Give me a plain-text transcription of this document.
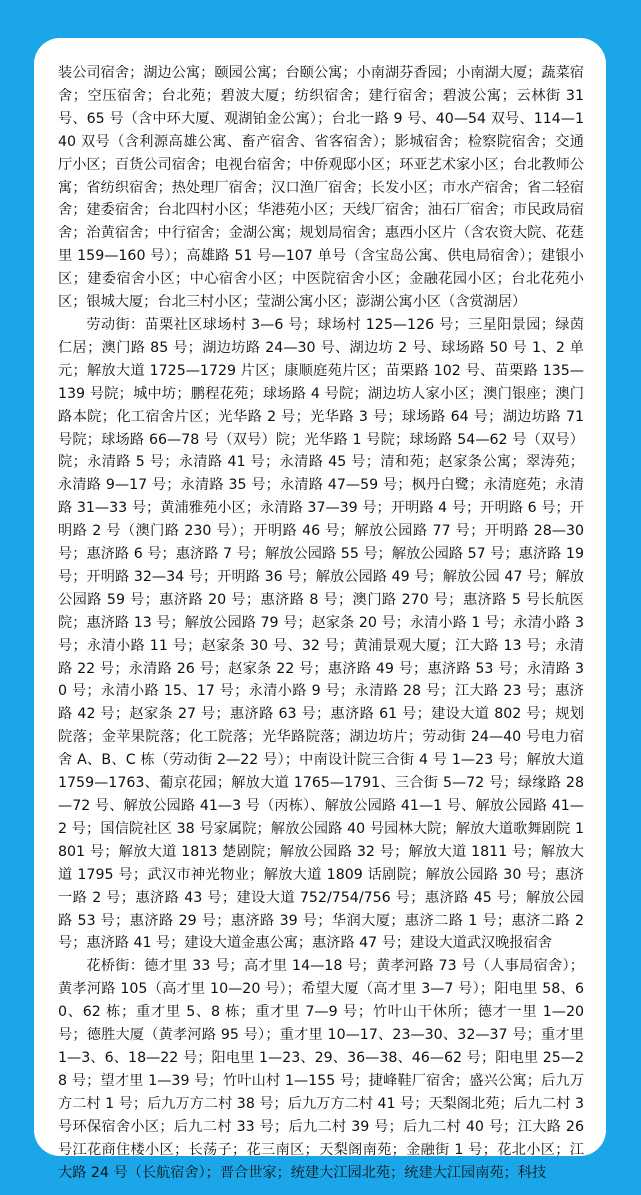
装公司宿舍；湖边公寓；颐园公寓；台颐公寓；小南湖芬香园；小南湖大厦；蔬菜宿舍；空压宿舍；台北苑；碧波大厦；纺织宿舍；建行宿舍；碧波公寓；云林街 31 号、65 号（含中环大厦、观湖铂金公寓）；台北一路 9 号、40—54 双号、114—140 双号（含利源高雄公寓、畜产宿舍、省客宿舍）；影城宿舍；检察院宿舍；交通厅小区；百货公司宿舍；电视台宿舍；中侨观邸小区；环亚艺术家小区；台北教师公寓；省纺织宿舍；热处理厂宿舍；汉口渔厂宿舍；长发小区；市水产宿舍；省二轻宿舍；建委宿舍；台北四村小区；华港苑小区；天线厂宿舍；油石厂宿舍；市民政局宿舍；治黄宿舍；中行宿舍；金湖公寓；规划局宿舍；惠西小区片（含农资大院、花莛里 159—160 号）；高雄路 51 号—107 单号（含宝岛公寓、供电局宿舍）；建银小区；建委宿舍小区；中心宿舍小区；中医院宿舍小区；金融花园小区；台北花苑小区；银城大厦；台北三村小区；莹湖公寓小区；澎湖公寓小区（含赏湖居）

劳动街：苗栗社区球场村 3—6 号；球场村 125—126 号；三星阳景园；绿茵仁居；澳门路 85 号；湖边坊路 24—30 号、湖边坊 2 号、球场路 50 号 1、2 单元；解放大道 1725—1729 片区；康顺庭苑片区；苗栗路 102 号、苗栗路 135—139 号院；城中坊；鹏程花苑；球场路 4 号院；湖边坊人家小区；澳门银座；澳门路本院；化工宿舍片区；光华路 2 号；光华路 3 号；球场路 64 号；湖边坊路 71 号院；球场路 66—78 号（双号）院；光华路 1 号院；球场路 54—62 号（双号）院；永清路 5 号；永清路 41 号；永清路 45 号；清和苑；赵家条公寓；翠涛苑；永清路 9—17 号；永清路 35 号；永清路 47—59 号；枫丹白鹭；永清庭苑；永清路 31—33 号；黄浦雅苑小区；永清路 37—39 号；开明路 4 号；开明路 6 号；开明路 2 号（澳门路 230 号）；开明路 46 号；解放公园路 77 号；开明路 28—30 号；惠济路 6 号；惠济路 7 号；解放公园路 55 号；解放公园路 57 号；惠济路 19 号；开明路 32—34 号；开明路 36 号；解放公园路 49 号；解放公园 47 号；解放公园路 59 号；惠济路 20 号；惠济路 8 号；澳门路 270 号；惠济路 5 号长航医院；惠济路 13 号；解放公园路 79 号；赵家条 20 号；永清小路 1 号；永清小路 3 号；永清小路 11 号；赵家条 30 号、32 号；黄浦景观大厦；江大路 13 号；永清路 22 号；永清路 26 号；赵家条 22 号；惠济路 49 号；惠济路 53 号；永清路 30 号；永清小路 15、17 号；永清小路 9 号；永清路 28 号；江大路 23 号；惠济路 42 号；赵家条 27 号；惠济路 63 号；惠济路 61 号；建设大道 802 号；规划院落；金苹果院落；化工院落；光华路院落；湖边坊片；劳动街 24—40 号电力宿舍 A、B、C 栋（劳动街 2—22 号）；中南设计院三合街 4 号 1—23 号；解放大道 1759—1763、葡京花园；解放大道 1765—1791、三合街 5—72 号；绿缘路 28—72 号、解放公园路 41—3 号（丙栋）、解放公园路 41—1 号、解放公园路 41—2 号；国信院社区 38 号家属院；解放公园路 40 号园林大院；解放大道歌舞剧院 1801 号；解放大道 1813 楚剧院；解放公园路 32 号；解放大道 1811 号；解放大道 1795 号；武汉市神光物业；解放大道 1809 话剧院；解放公园路 30 号；惠济一路 2 号；惠济路 43 号；建设大道 752/754/756 号；惠济路 45 号；解放公园路 53 号；惠济路 29 号；惠济路 39 号；华润大厦；惠济二路 1 号；惠济二路 2 号；惠济路 41 号；建设大道金惠公寓；惠济路 47 号；建设大道武汉晚报宿舍

花桥街：德才里 33 号；高才里 14—18 号；黄孝河路 73 号（人事局宿舍）；黄孝河路 105（高才里 10—20 号）；希望大厦（高才里 3—7 号）；阳电里 58、60、62 栋；重才里 5、8 栋；重才里 7—9 号；竹叶山干休所；德才一里 1—20 号；德胜大厦（黄孝河路 95 号）；重才里 10—17、23—30、32—37 号；重才里 1—3、6、18—22 号；阳电里 1—23、29、36—38、46—62 号；阳电里 25—28 号；望才里 1—39 号；竹叶山村 1—155 号；捷峰鞋厂宿舍；盛兴公寓；后九万方二村 1 号；后九万方二村 38 号；后九万方二村 41 号；天梨阁北苑；后九二村 3 号环保宿舍小区；后九二村 33 号；后九二村 39 号；后九二村 40 号；江大路 26 号江花商住楼小区；长荡子；花三南区；天梨阁南苑；金融街 1 号；花北小区；江大路 24 号（长航宿舍）；晋合世家；统建大江园北苑；统建大江园南苑；科技
